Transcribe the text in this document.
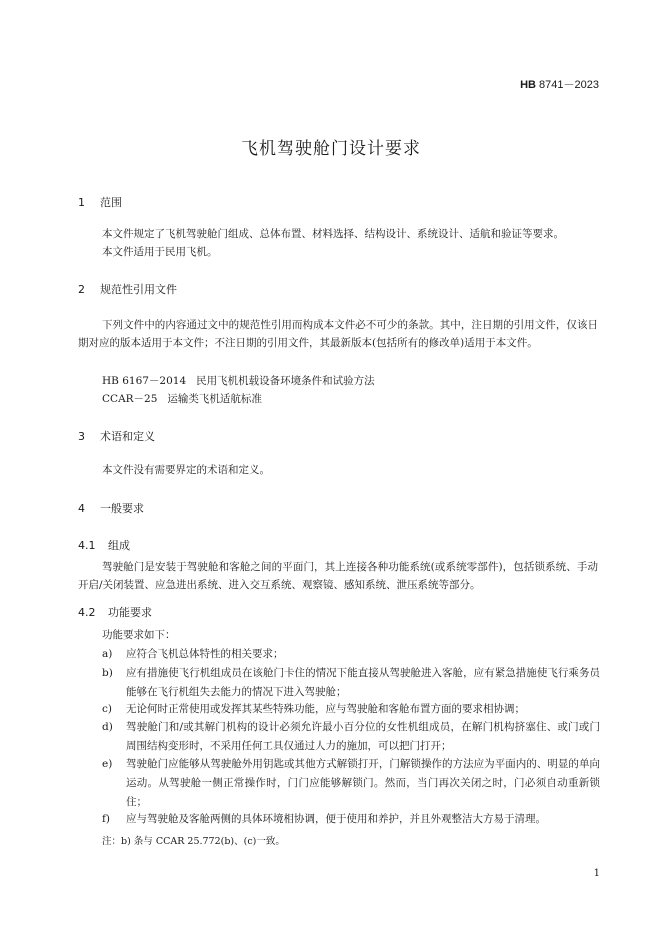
HB 8741－2023
飞机驾驶舱门设计要求
1 范围
本文件规定了飞机驾驶舱门组成、总体布置、材料选择、结构设计、系统设计、适航和验证等要求。
本文件适用于民用飞机。
2 规范性引用文件
下列文件中的内容通过文中的规范性引用而构成本文件必不可少的条款。其中，注日期的引用文件，仅该日期对应的版本适用于本文件；不注日期的引用文件，其最新版本(包括所有的修改单)适用于本文件。
HB 6167－2014 民用飞机机载设备环境条件和试验方法
CCAR－25 运输类飞机适航标准
3 术语和定义
本文件没有需要界定的术语和定义。
4 一般要求
4.1 组成
驾驶舱门是安装于驾驶舱和客舱之间的平面门，其上连接各种功能系统(或系统零部件)，包括锁系统、手动开启/关闭装置、应急进出系统、进入交互系统、观察镜、感知系统、泄压系统等部分。
4.2 功能要求
功能要求如下：
a) 应符合飞机总体特性的相关要求；
b) 应有措施使飞行机组成员在该舱门卡住的情况下能直接从驾驶舱进入客舱，应有紧急措施使飞行乘务员能够在飞行机组失去能力的情况下进入驾驶舱；
c) 无论何时正常使用或发挥其某些特殊功能，应与驾驶舱和客舱布置方面的要求相协调；
d) 驾驶舱门和/或其解门机构的设计必须允许最小百分位的女性机组成员，在解门机构挤塞住、或门或门周围结构变形时，不采用任何工具仅通过人力的施加，可以把门打开；
e) 驾驶舱门应能够从驾驶舱外用钥匙或其他方式解锁打开，门解锁操作的方法应为平面内的、明显的单向运动。从驾驶舱一侧正常操作时，门门应能够解锁门。然而，当门再次关闭之时，门必须自动重新锁住；
f) 应与驾驶舱及客舱两侧的具体环境相协调，便于使用和养护，并且外观整洁大方易于清理。
注：b) 条与 CCAR 25.772(b)、(c)一致。
1
